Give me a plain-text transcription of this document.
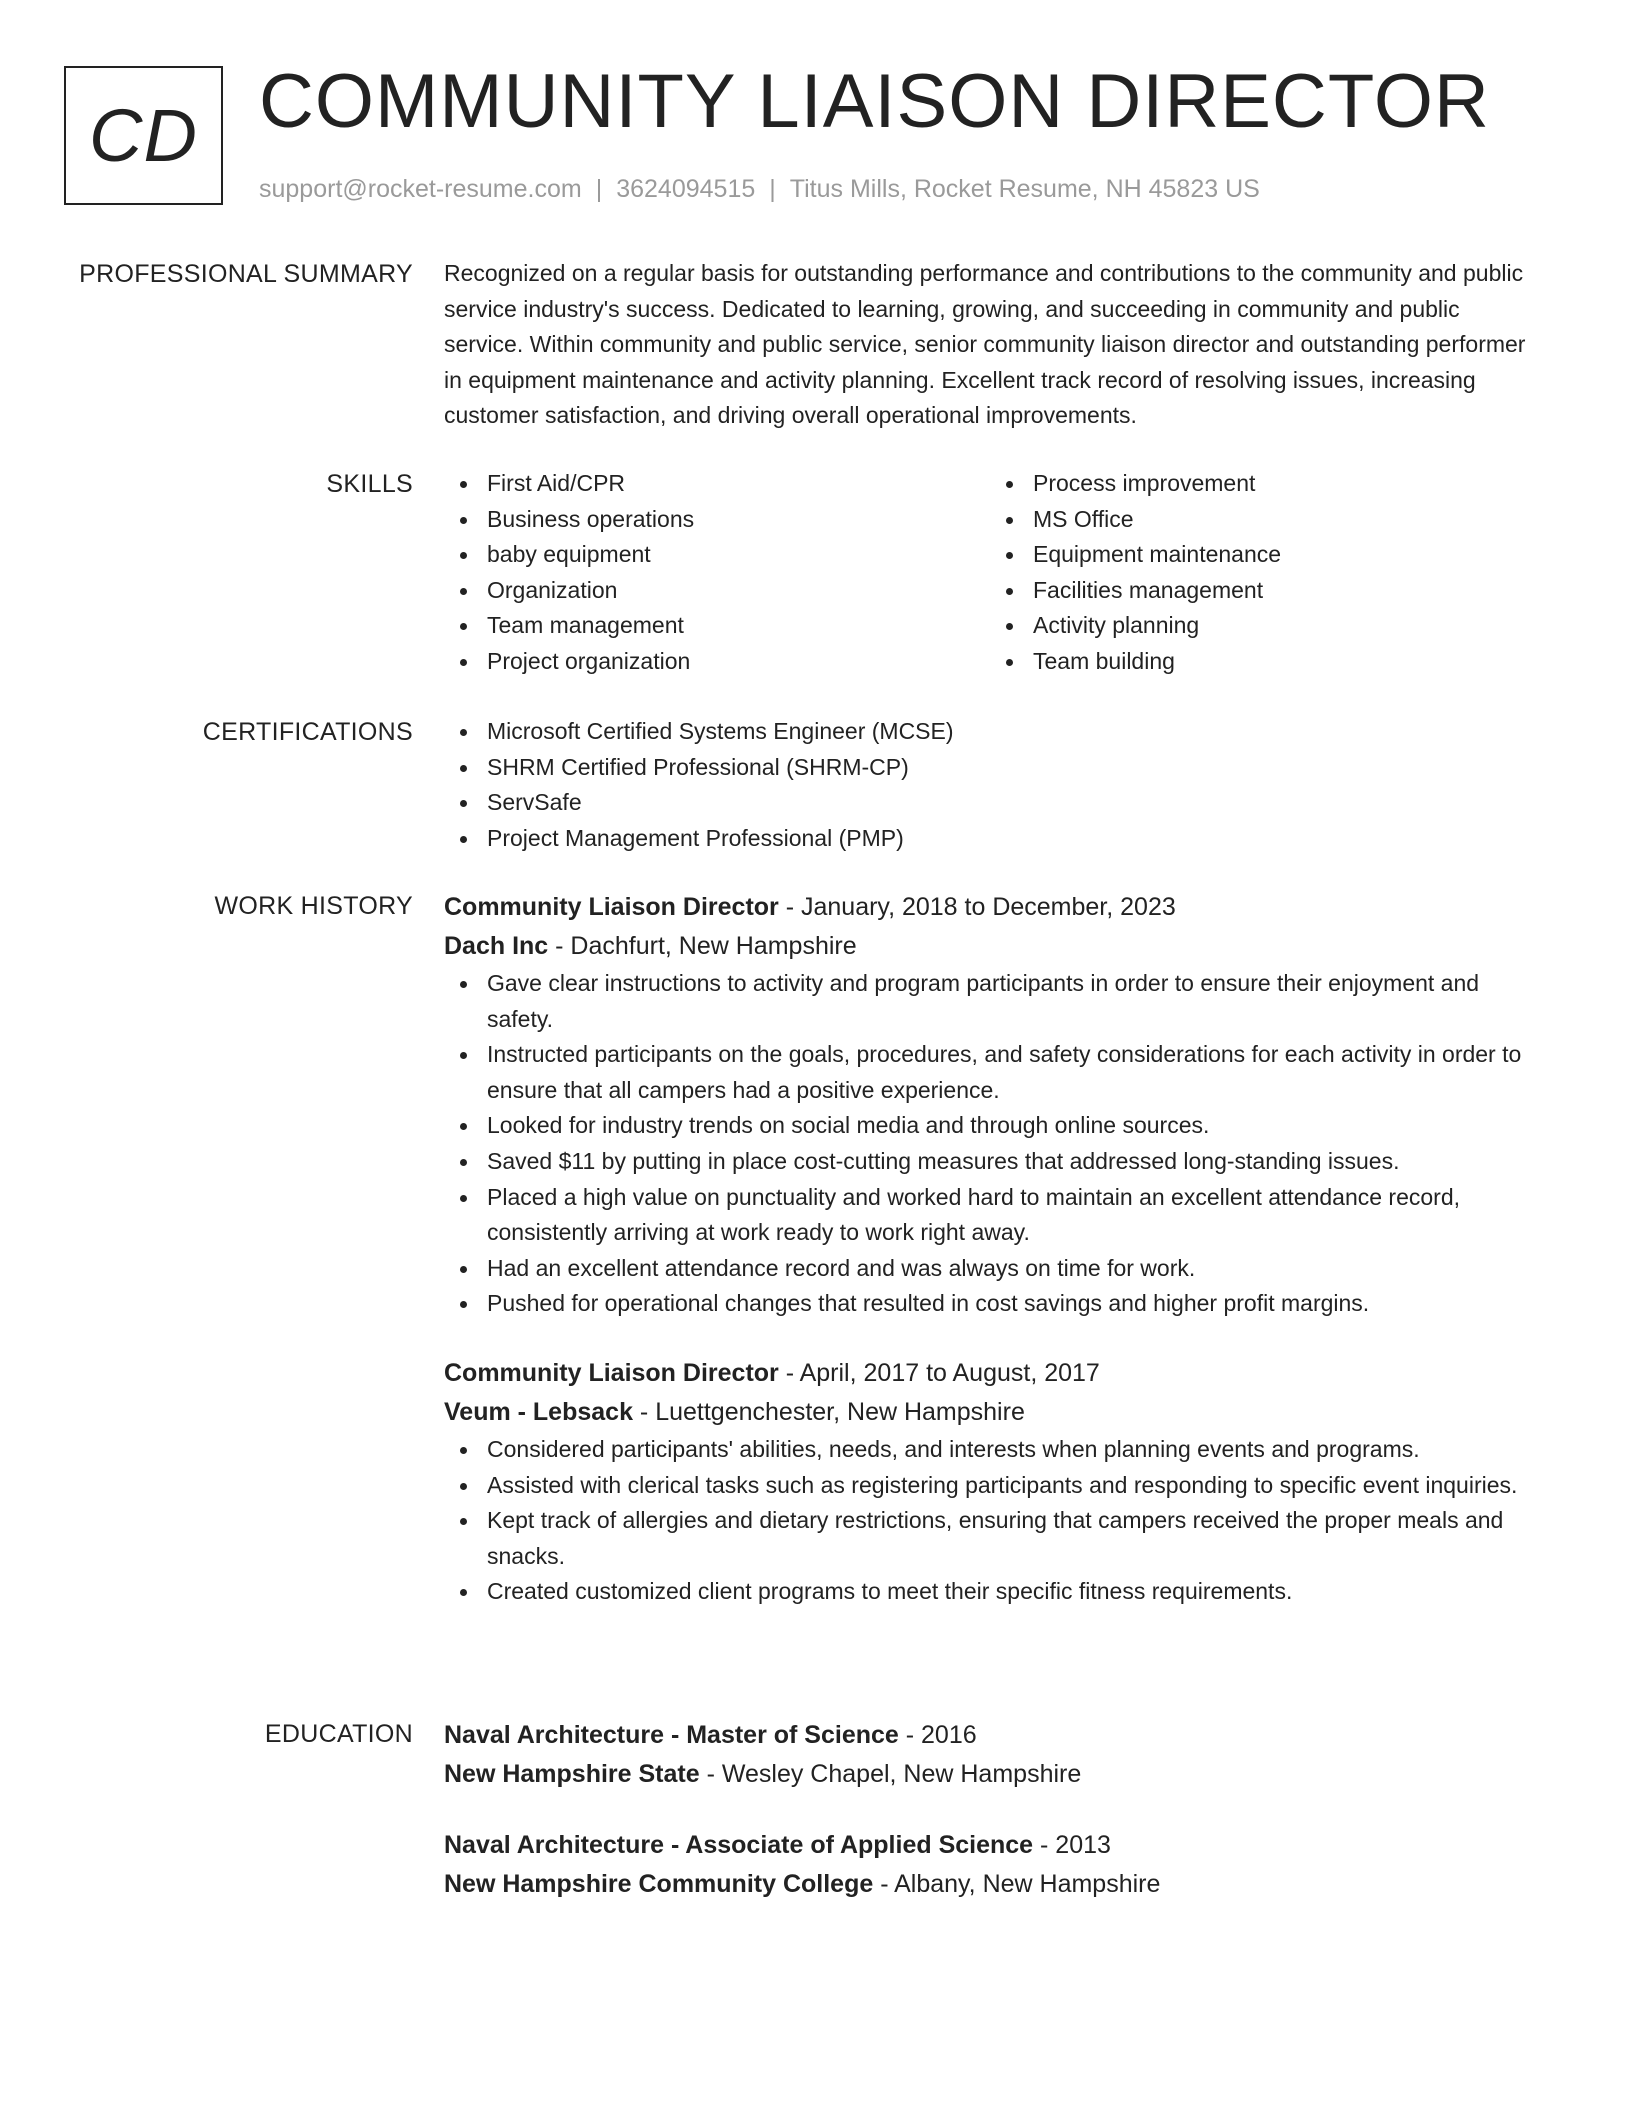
CD COMMUNITY LIAISON DIRECTOR
support@rocket-resume.com | 3624094515 | Titus Mills, Rocket Resume, NH 45823 US
PROFESSIONAL SUMMARY Recognized on a regular basis for outstanding performance and contributions to the community and public service industry's success. Dedicated to learning, growing, and succeeding in community and public service. Within community and public service, senior community liaison director and outstanding performer in equipment maintenance and activity planning. Excellent track record of resolving issues, increasing customer satisfaction, and driving overall operational improvements.

SKILLS	First Aid/CPR
Business operations
baby equipment
Organization
Team management
Project organization
Process improvement
MS Office
Equipment maintenance
Facilities management
Activity planning
Team building
CERTIFICATIONS	Microsoft Certified Systems Engineer (MCSE)
SHRM Certified Professional (SHRM-CP)
ServSafe
Project Management Professional (PMP)
WORK HISTORY Community Liaison Director - January, 2018 to December, 2023
Dach Inc - Dachfurt, New Hampshire
Gave clear instructions to activity and program participants in order to ensure their enjoyment and safety.
Instructed participants on the goals, procedures, and safety considerations for each activity in order to ensure that all campers had a positive experience.
Looked for industry trends on social media and through online sources.
Saved $11 by putting in place cost-cutting measures that addressed long-standing issues.
Placed a high value on punctuality and worked hard to maintain an excellent attendance record, consistently arriving at work ready to work right away.
Had an excellent attendance record and was always on time for work.
Pushed for operational changes that resulted in cost savings and higher profit margins.
Community Liaison Director - April, 2017 to August, 2017
Veum - Lebsack - Luettgenchester, New Hampshire
Considered participants' abilities, needs, and interests when planning events and programs.
Assisted with clerical tasks such as registering participants and responding to specific event inquiries.
Kept track of allergies and dietary restrictions, ensuring that campers received the proper meals and snacks.
Created customized client programs to meet their specific fitness requirements.
EDUCATION Naval Architecture - Master of Science - 2016
New Hampshire State - Wesley Chapel, New Hampshire
Naval Architecture - Associate of Applied Science - 2013
New Hampshire Community College - Albany, New Hampshire
